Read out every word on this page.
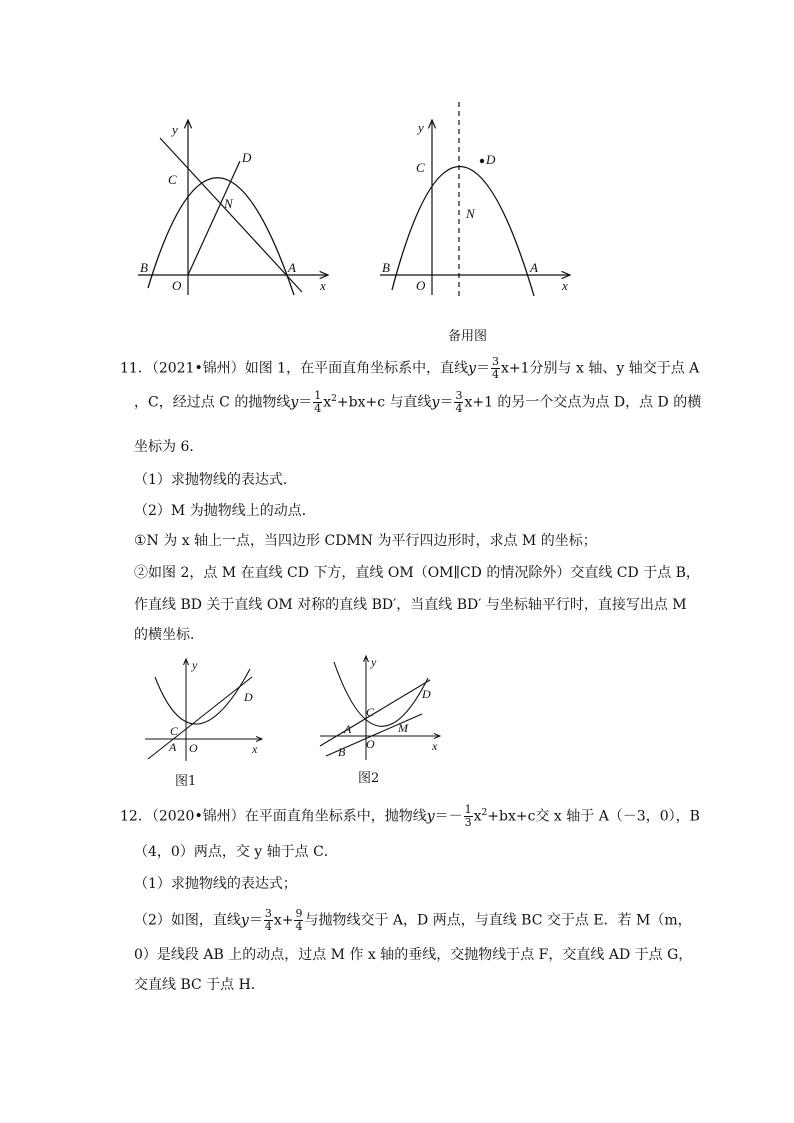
y
C
D
N
B	A
O	x
y
C
D
N
B	A
O	x
备用图
11．（2021•锦州）如图 1，在平面直角坐标系中，直线$y= \frac{3}{4} x+1$分别与 x 轴、y 轴交于点 A
，C，经过点 C 的抛物线$y= \frac{1}{4} x^2+bx+c$ 与直线$y= \frac{3}{4} x+1$ 的另一个交点为点 D，点 D 的横
坐标为 6．
（1）求抛物线的表达式．
（2）M 为抛物线上的动点．
①N 为 x 轴上一点，当四边形 CDMN 为平行四边形时，求点 M 的坐标；
②如图 2，点 M 在直线 CD 下方，直线 OM（OM∥CD 的情况除外）交直线 CD 于点 B，
作直线 BD 关于直线 OM 对称的直线 BD′，当直线 BD′ 与坐标轴平行时，直接写出点 M
的横坐标．
y
D
C
A O	x
图1
y
D
C
A	M
O
B	x
图2
12．（2020•锦州）在平面直角坐标系中，抛物线$y=- \frac{1}{3} x^2+bx+c$交 x 轴于 A（－3，0），B
（4，0）两点，交 y 轴于点 C．
（1）求抛物线的表达式；
（2）如图，直线$y= \frac{3}{4} x+ \frac{9}{4}$ 与抛物线交于 A，D 两点，与直线 BC 交于点 E．若 M（m，
0）是线段 AB 上的动点，过点 M 作 x 轴的垂线，交抛物线于点 F，交直线 AD 于点 G，
交直线 BC 于点 H．
